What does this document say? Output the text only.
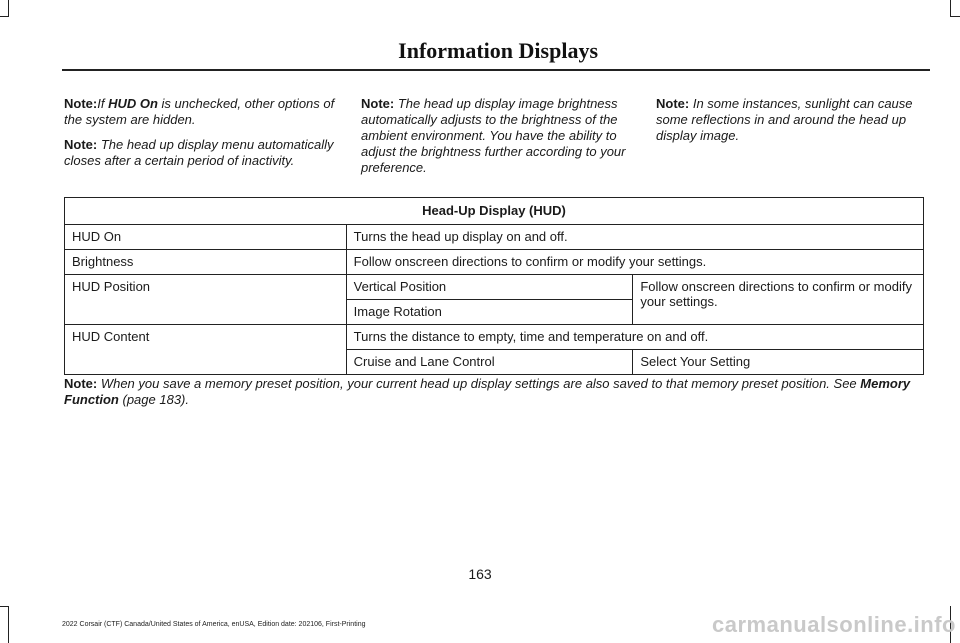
Information Displays

Note:If HUD On is unchecked, other options of the system are hidden.

Note: The head up display menu automatically closes after a certain period of inactivity.

Note: The head up display image brightness automatically adjusts to the brightness of the ambient environment. You have the ability to adjust the brightness further according to your preference.

Note: In some instances, sunlight can cause some reflections in and around the head up display image.

Head-Up Display (HUD)		
HUD On	Turns the head up display on and off.	
Brightness	Follow onscreen directions to confirm or modify your settings.	
HUD Position	Vertical Position	Follow onscreen directions to confirm or modify your settings.
	Image Rotation	
HUD Content	Turns the distance to empty, time and temperature on and off.	
	Cruise and Lane Control	Select Your Setting
Note: When you save a memory preset position, your current head up display settings are also saved to that memory preset position. See Memory Function (page 183).
163
2022 Corsair (CTF) Canada/United States of America, enUSA, Edition date: 202106, First-Printing	carmanualsonline.info
